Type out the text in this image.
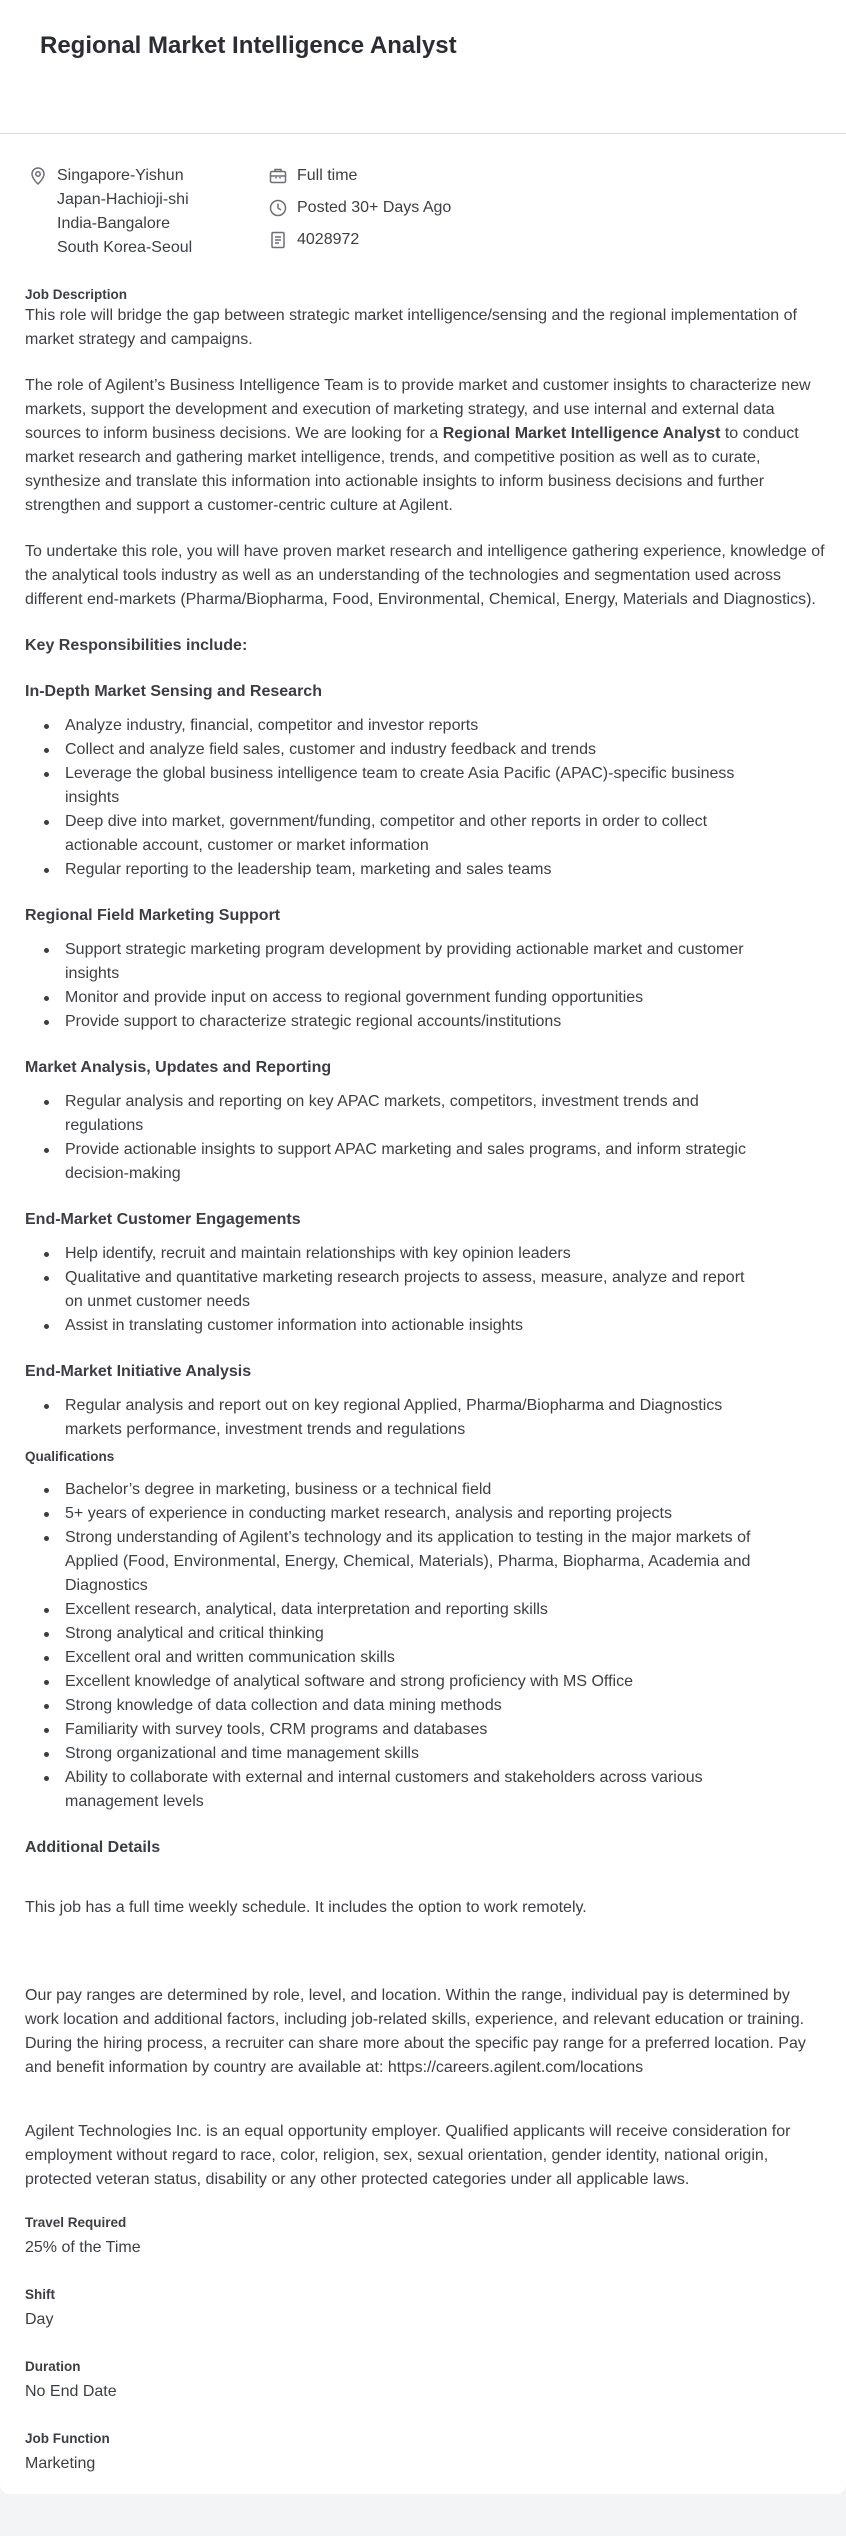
Regional Market Intelligence Analyst
Singapore-Yishun
Japan-Hachioji-shi
India-Bangalore
South Korea-Seoul
Full time
Posted 30+ Days Ago
4028972
Job Description

This role will bridge the gap between strategic market intelligence/sensing and the regional implementation of market strategy and campaigns.

The role of Agilent’s Business Intelligence Team is to provide market and customer insights to characterize new markets, support the development and execution of marketing strategy, and use internal and external data sources to inform business decisions. We are looking for a Regional Market Intelligence Analyst to conduct market research and gathering market intelligence, trends, and competitive position as well as to curate, synthesize and translate this information into actionable insights to inform business decisions and further strengthen and support a customer-centric culture at Agilent.

To undertake this role, you will have proven market research and intelligence gathering experience, knowledge of the analytical tools industry as well as an understanding of the technologies and segmentation used across different end-markets (Pharma/Biopharma, Food, Environmental, Chemical, Energy, Materials and Diagnostics).

Key Responsibilities include:
In-Depth Market Sensing and Research
Analyze industry, financial, competitor and investor reports
Collect and analyze field sales, customer and industry feedback and trends
Leverage the global business intelligence team to create Asia Pacific (APAC)-specific business insights
Deep dive into market, government/funding, competitor and other reports in order to collect actionable account, customer or market information
Regular reporting to the leadership team, marketing and sales teams
Regional Field Marketing Support
Support strategic marketing program development by providing actionable market and customer insights
Monitor and provide input on access to regional government funding opportunities
Provide support to characterize strategic regional accounts/institutions
Market Analysis, Updates and Reporting
Regular analysis and reporting on key APAC markets, competitors, investment trends and regulations
Provide actionable insights to support APAC marketing and sales programs, and inform strategic decision-making
End-Market Customer Engagements
Help identify, recruit and maintain relationships with key opinion leaders
Qualitative and quantitative marketing research projects to assess, measure, analyze and report on unmet customer needs
Assist in translating customer information into actionable insights
End-Market Initiative Analysis
Regular analysis and report out on key regional Applied, Pharma/Biopharma and Diagnostics markets performance, investment trends and regulations
Qualifications
Bachelor’s degree in marketing, business or a technical field
5+ years of experience in conducting market research, analysis and reporting projects
Strong understanding of Agilent’s technology and its application to testing in the major markets of Applied (Food, Environmental, Energy, Chemical, Materials), Pharma, Biopharma, Academia and Diagnostics
Excellent research, analytical, data interpretation and reporting skills
Strong analytical and critical thinking
Excellent oral and written communication skills
Excellent knowledge of analytical software and strong proficiency with MS Office
Strong knowledge of data collection and data mining methods
Familiarity with survey tools, CRM programs and databases
Strong organizational and time management skills
Ability to collaborate with external and internal customers and stakeholders across various management levels
Additional Details

This job has a full time weekly schedule. It includes the option to work remotely.

Our pay ranges are determined by role, level, and location. Within the range, individual pay is determined by work location and additional factors, including job-related skills, experience, and relevant education or training. During the hiring process, a recruiter can share more about the specific pay range for a preferred location. Pay and benefit information by country are available at: https://careers.agilent.com/locations

Agilent Technologies Inc. is an equal opportunity employer. Qualified applicants will receive consideration for employment without regard to race, color, religion, sex, sexual orientation, gender identity, national origin, protected veteran status, disability or any other protected categories under all applicable laws.

Travel Required
25% of the Time
Shift
Day
Duration
No End Date
Job Function
Marketing
